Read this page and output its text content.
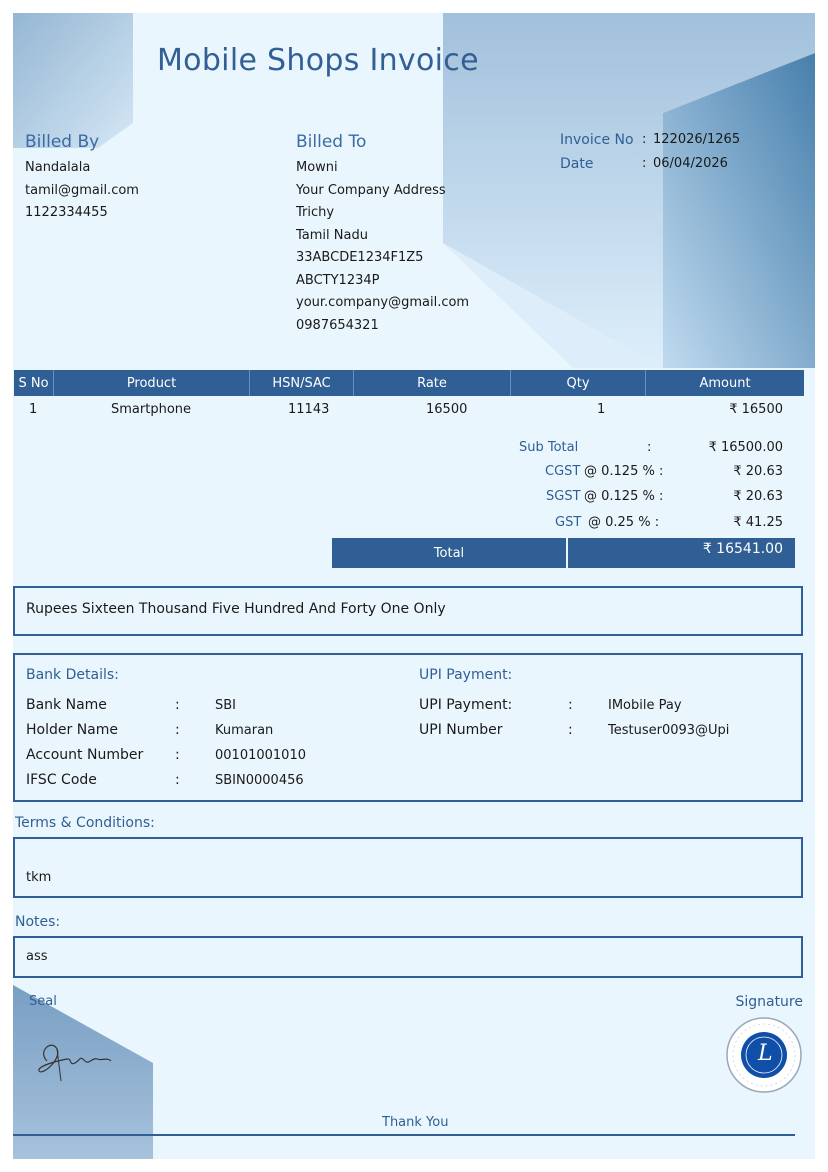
Mobile Shops Invoice
Billed By
Nandalala
tamil@gmail.com
1122334455
Billed To
Mowni
Your Company Address
Trichy
Tamil Nadu
33ABCDE1234F1Z5
ABCTY1234P
your.company@gmail.com
0987654321
Invoice No : 122026/1265
Date	: 06/04/2026
S No	Product	HSN/SAC	Rate	Qty	Amount
1	Smartphone	11143	16500	1	₹ 16500
Sub Total	:	₹ 16500.00
CGST @ 0.125 % :	₹ 20.63
SGST @ 0.125 % :	₹ 20.63
GST @ 0.25 % :	₹ 41.25
Total	₹ 16541.00
Rupees Sixteen Thousand Five Hundred And Forty One Only
Bank Details:
Bank Name	:	SBI
Holder Name	:	Kumaran
Account Number :	00101001010
IFSC Code	:	SBIN0000456
UPI Payment:
UPI Payment:	:	IMobile Pay
UPI Number	:	Testuser0093@Upi
Terms & Conditions:
tkm
Notes:
ass
Seal	Signature
L
Thank You
